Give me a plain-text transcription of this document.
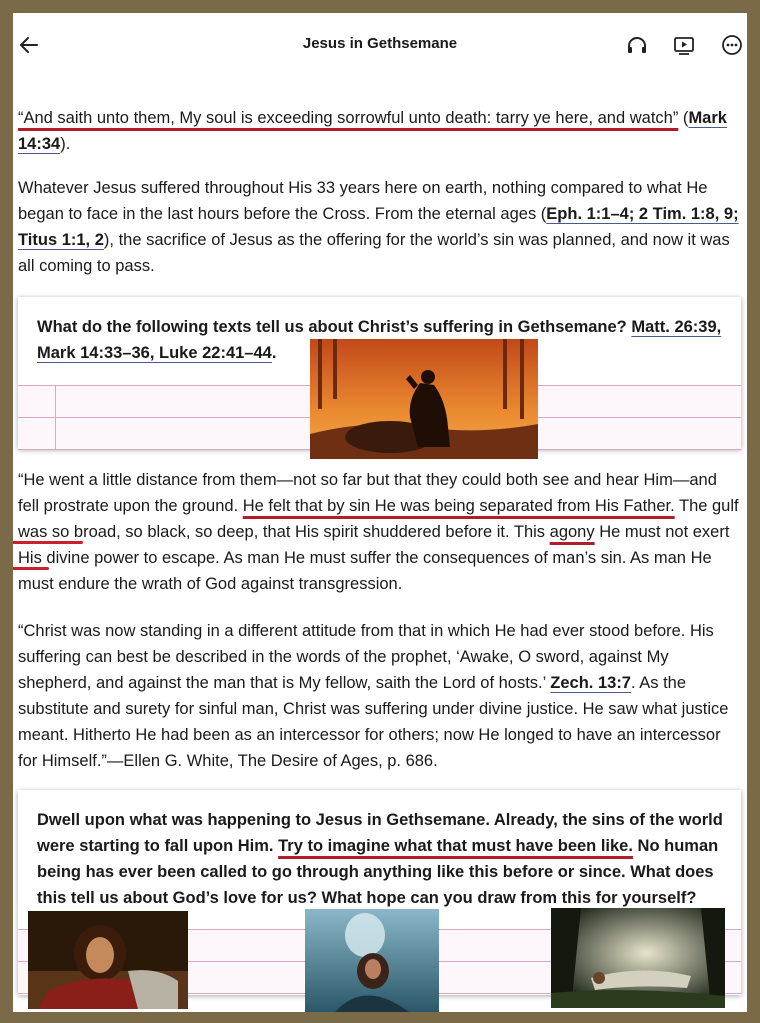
Jesus in Gethsemane

“And saith unto them, My soul is exceeding sorrowful unto death: tarry ye here, and watch” (Mark 14:34).

Whatever Jesus suffered throughout His 33 years here on earth, nothing compared to what He began to face in the last hours before the Cross. From the eternal ages (Eph. 1:1–4; 2 Tim. 1:8, 9; Titus 1:1, 2), the sacrifice of Jesus as the offering for the world’s sin was planned, and now it was all coming to pass.

What do the following texts tell us about Christ’s suffering in Gethsemane? Matt. 26:39, Mark 14:33–36, Luke 22:41–44.

“He went a little distance from them—not so far but that they could both see and hear Him—and fell prostrate upon the ground. He felt that by sin He was being separated from His Father. The gulf was so broad, so black, so deep, that His spirit shuddered before it. This agony He must not exert His divine power to escape. As man He must suffer the consequences of man’s sin. As man He must endure the wrath of God against transgression.

“Christ was now standing in a different attitude from that in which He had ever stood before. His suffering can best be described in the words of the prophet, ‘Awake, O sword, against My shepherd, and against the man that is My fellow, saith the Lord of hosts.’ Zech. 13:7. As the substitute and surety for sinful man, Christ was suffering under divine justice. He saw what justice meant. Hitherto He had been as an intercessor for others; now He longed to have an intercessor for Himself.”—Ellen G. White, The Desire of Ages, p. 686.

Dwell upon what was happening to Jesus in Gethsemane. Already, the sins of the world were starting to fall upon Him. Try to imagine what that must have been like. No human being has ever been called to go through anything like this before or since. What does this tell us about God’s love for us? What hope can you draw from this for yourself?
